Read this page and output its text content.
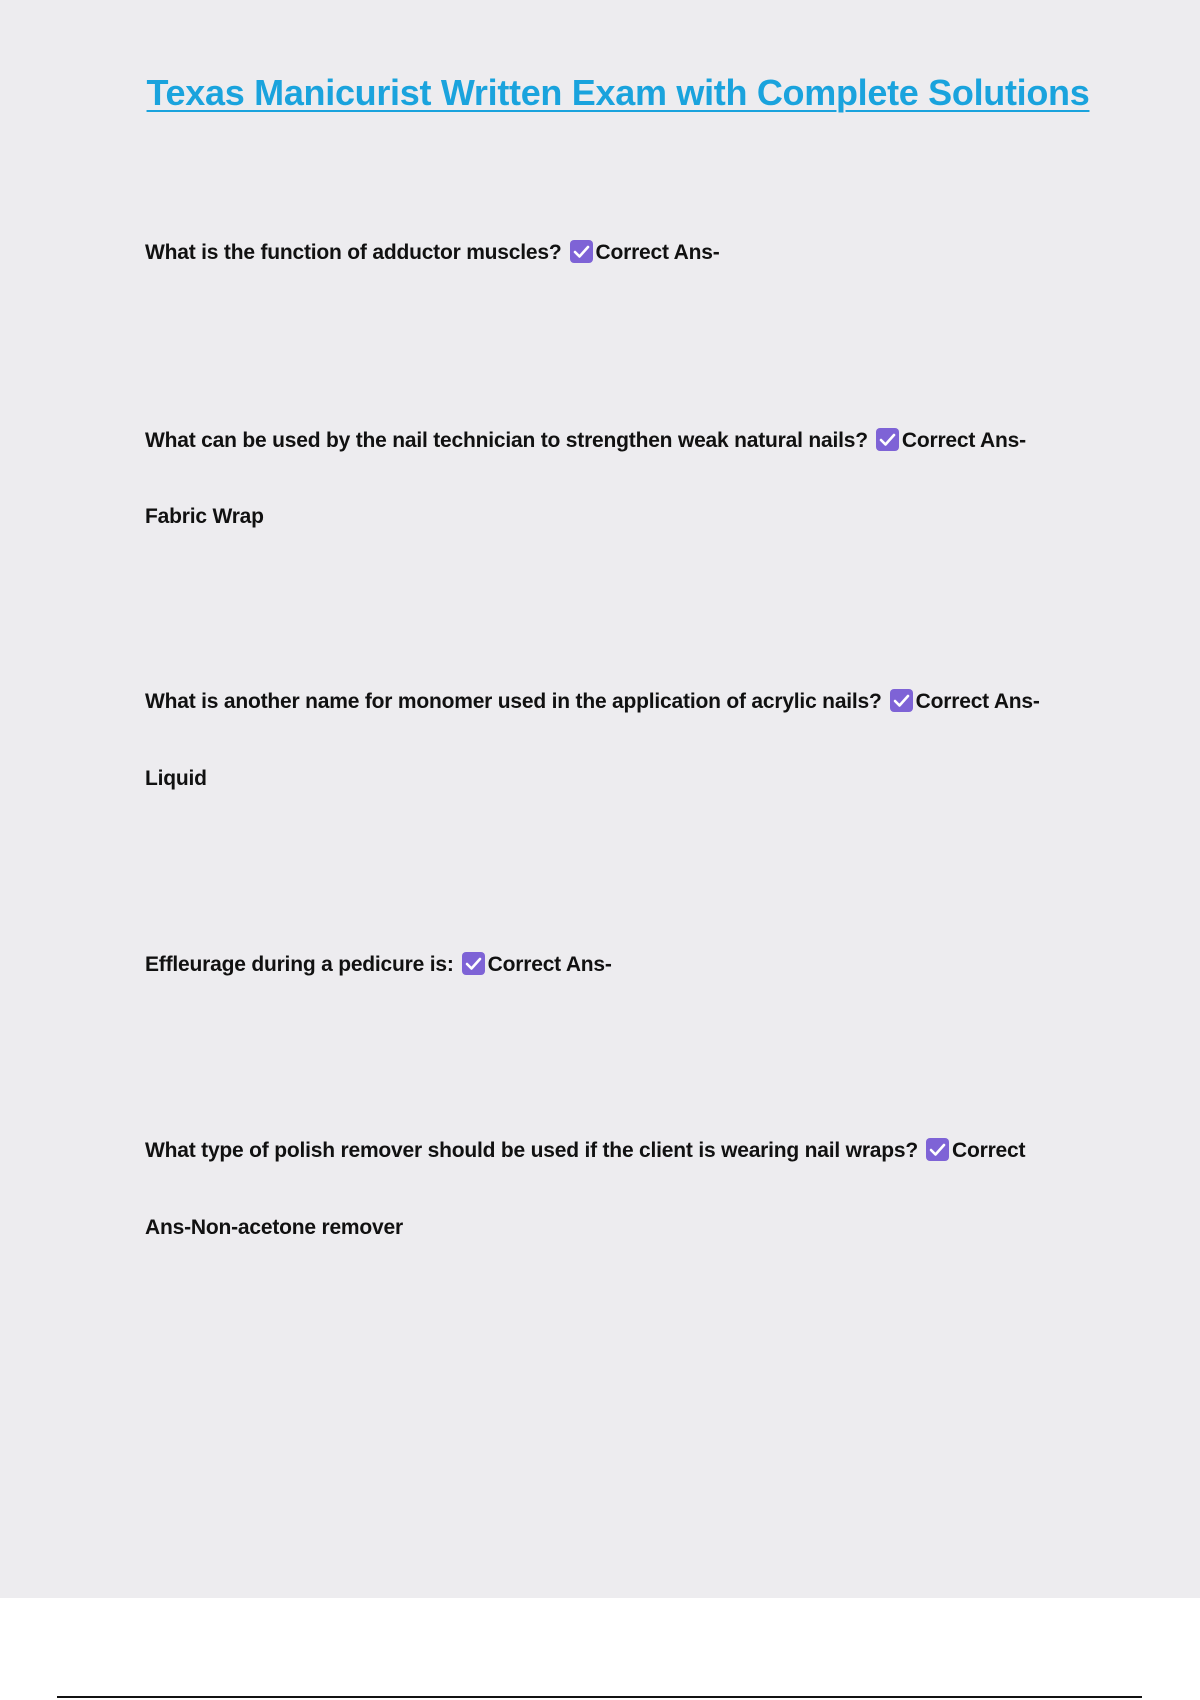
Texas Manicurist Written Exam with Complete Solutions
What is the function of adductor muscles? Correct Ans-
What can be used by the nail technician to strengthen weak natural nails? Correct Ans-
Fabric Wrap
What is another name for monomer used in the application of acrylic nails? Correct Ans-
Liquid
Effleurage during a pedicure is: Correct Ans-
What type of polish remover should be used if the client is wearing nail wraps? Correct
Ans-Non-acetone remover
